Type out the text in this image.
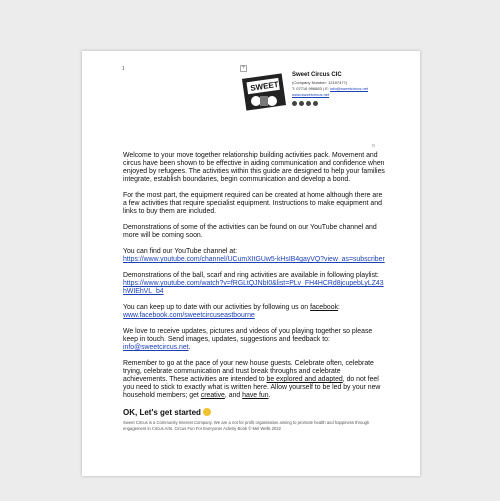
1	+
SWEET
Sweet Circus CIC
(Company Number: 12197477)
T: 07716 996883 | E: info@sweetcircus.net
www.sweetcircus.net
o

Welcome to your move together relationship building activities pack. Movement and circus have been shown to be effective in aiding communication and confidence when enjoyed by refugees. The activities within this guide are designed to help your families integrate, establish boundaries, begin communication and develop a bond.

For the most part, the equipment required can be created at home although there are a few activities that require specialist equipment. Instructions to make equipment and links to buy them are included.

Demonstrations of some of the activities can be found on our YouTube channel and more will be coming soon.

You can find our YouTube channel at:
https://www.youtube.com/channel/UCumXItGUw5-kHsIB4gayVQ?view_as=subscriber

Demonstrations of the ball, scarf and ring activities are available in following playlist:
https://www.youtube.com/watch?v=fRGLtQJNbI0&list=PLv_FH4HCRd8jcupebLyLZ43hWIEhVL_b4

You can keep up to date with our activities by following us on facebook:
www.facebook.com/sweetcircuseastbourne

We love to receive updates, pictures and videos of you playing together so please keep in touch. Send images, updates, suggestions and feedback to:
info@sweetcircus.net.

Remember to go at the pace of your new house guests. Celebrate often, celebrate trying, celebrate communication and trust break throughs and celebrate achievements. These activities are intended to be explored and adapted, do not feel you need to stick to exactly what is written here. Allow yourself to be led by your new household members; get creative, and have fun.

OK, Let's get started
Sweet Circus is a Community Interest Company. We are a not for profit organisation aiming to promote health and happiness through engagement in Circus Arts. Circus Fun For Everyone! Activity Book © Mel Wells 2022
